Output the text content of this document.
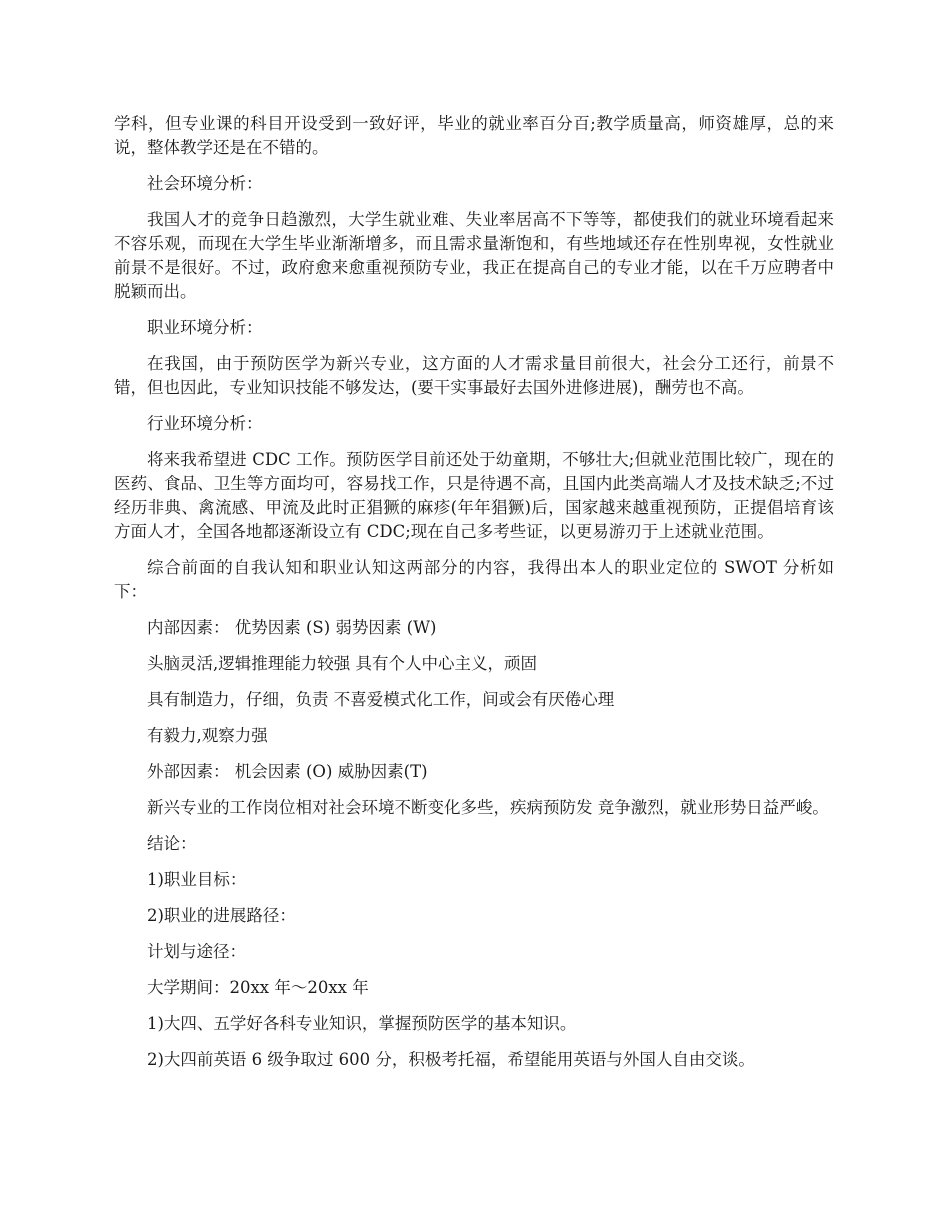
学科，但专业课的科目开设受到一致好评，毕业的就业率百分百;教学质量高，师资雄厚，总的来说，整体教学还是在不错的。

社会环境分析：

我国人才的竞争日趋激烈，大学生就业难、失业率居高不下等等，都使我们的就业环境看起来不容乐观，而现在大学生毕业渐渐增多，而且需求量渐饱和，有些地域还存在性别卑视，女性就业前景不是很好。不过，政府愈来愈重视预防专业，我正在提高自己的专业才能，以在千万应聘者中脱颖而出。

职业环境分析：

在我国，由于预防医学为新兴专业，这方面的人才需求量目前很大，社会分工还行，前景不错，但也因此，专业知识技能不够发达，(要干实事最好去国外进修进展)，酬劳也不高。

行业环境分析：

将来我希望进 CDC 工作。预防医学目前还处于幼童期，不够壮大;但就业范围比较广，现在的医药、食品、卫生等方面均可，容易找工作，只是待遇不高，且国内此类高端人才及技术缺乏;不过经历非典、禽流感、甲流及此时正猖獗的麻疹(年年猖獗)后，国家越来越重视预防，正提倡培育该方面人才，全国各地都逐渐设立有 CDC;现在自己多考些证，以更易游刃于上述就业范围。

综合前面的自我认知和职业认知这两部分的内容，我得出本人的职业定位的 SWOT 分析如下：

内部因素： 优势因素 (S) 弱势因素 (W)

头脑灵活,逻辑推理能力较强 具有个人中心主义，顽固

具有制造力，仔细，负责 不喜爱模式化工作，间或会有厌倦心理

有毅力,观察力强

外部因素： 机会因素 (O) 威胁因素(T)

新兴专业的工作岗位相对社会环境不断变化多些，疾病预防发 竞争激烈，就业形势日益严峻。

结论：

1)职业目标：

2)职业的进展路径：

计划与途径：

大学期间：20xx 年～20xx 年

1)大四、五学好各科专业知识，掌握预防医学的基本知识。

2)大四前英语 6 级争取过 600 分，积极考托福，希望能用英语与外国人自由交谈。
